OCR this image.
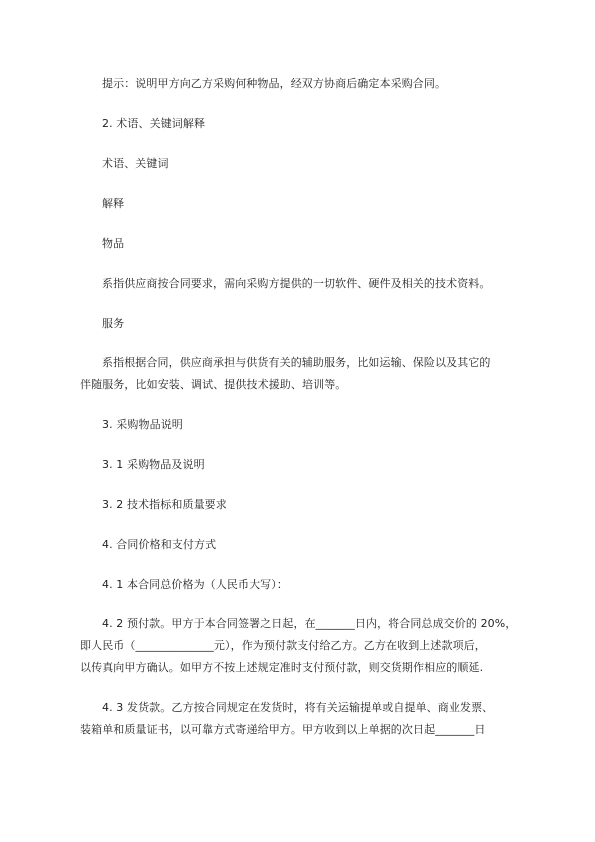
提示：说明甲方向乙方采购何种物品，经双方协商后确定本采购合同。
2. 术语、关键词解释
术语、关键词
解释
物品
系指供应商按合同要求，需向采购方提供的一切软件、硬件及相关的技术资料。
服务
系指根据合同，供应商承担与供货有关的辅助服务，比如运输、保险以及其它的
伴随服务，比如安装、调试、提供技术援助、培训等。
3. 采购物品说明
3. 1 采购物品及说明
3. 2 技术指标和质量要求
4. 合同价格和支付方式
4. 1 本合同总价格为（人民币大写）：
4. 2 预付款。甲方于本合同签署之日起，在_______日内，将合同总成交价的 20%，
即人民币（______________元），作为预付款支付给乙方。乙方在收到上述款项后，
以传真向甲方确认。如甲方不按上述规定准时支付预付款，则交货期作相应的顺延.
4. 3 发货款。乙方按合同规定在发货时，将有关运输提单或自提单、商业发票、
装箱单和质量证书，以可靠方式寄递给甲方。甲方收到以上单据的次日起_______日
